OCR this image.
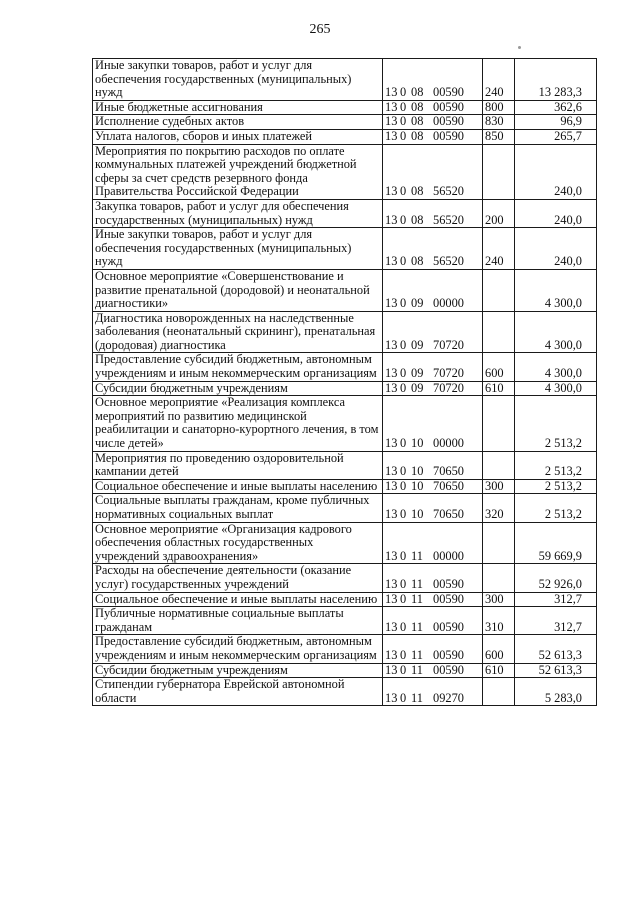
265
Иные закупки товаров, работ и услуг для обеспечения государственных (муниципальных) нужд	13 0 08 00590	240	13 283,3
Иные бюджетные ассигнования	13 0 08 00590	800	362,6
Исполнение судебных актов	13 0 08 00590	830	96,9
Уплата налогов, сборов и иных платежей	13 0 08 00590	850	265,7
Мероприятия по покрытию расходов по оплате коммунальных платежей учреждений бюджетной сферы за счет средств резервного фонда Правительства Российской Федерации	13 0 08 56520		240,0
Закупка товаров, работ и услуг для обеспечения государственных (муниципальных) нужд	13 0 08 56520	200	240,0
Иные закупки товаров, работ и услуг для обеспечения государственных (муниципальных) нужд	13 0 08 56520	240	240,0
Основное мероприятие «Совершенствование и развитие пренатальной (дородовой) и неонатальной диагностики»	13 0 09 00000		4 300,0
Диагностика новорожденных на наследственные заболевания (неонатальный скрининг), пренатальная (дородовая) диагностика	13 0 09 70720		4 300,0
Предоставление субсидий бюджетным, автономным учреждениям и иным некоммерческим организациям	13 0 09 70720	600	4 300,0
Субсидии бюджетным учреждениям	13 0 09 70720	610	4 300,0
Основное мероприятие «Реализация комплекса мероприятий по развитию медицинской реабилитации и санаторно-курортного лечения, в том числе детей»	13 0 10 00000		2 513,2
Мероприятия по проведению оздоровительной кампании детей	13 0 10 70650		2 513,2
Социальное обеспечение и иные выплаты населению	13 0 10 70650	300	2 513,2
Социальные выплаты гражданам, кроме публичных нормативных социальных выплат	13 0 10 70650	320	2 513,2
Основное мероприятие «Организация кадрового обеспечения областных государственных учреждений здравоохранения»	13 0 11 00000		59 669,9
Расходы на обеспечение деятельности (оказание услуг) государственных учреждений	13 0 11 00590		52 926,0
Социальное обеспечение и иные выплаты населению	13 0 11 00590	300	312,7
Публичные нормативные социальные выплаты гражданам	13 0 11 00590	310	312,7
Предоставление субсидий бюджетным, автономным учреждениям и иным некоммерческим организациям	13 0 11 00590	600	52 613,3
Субсидии бюджетным учреждениям	13 0 11 00590	610	52 613,3
Стипендии губернатора Еврейской автономной области	13 0 11 09270		5 283,0
